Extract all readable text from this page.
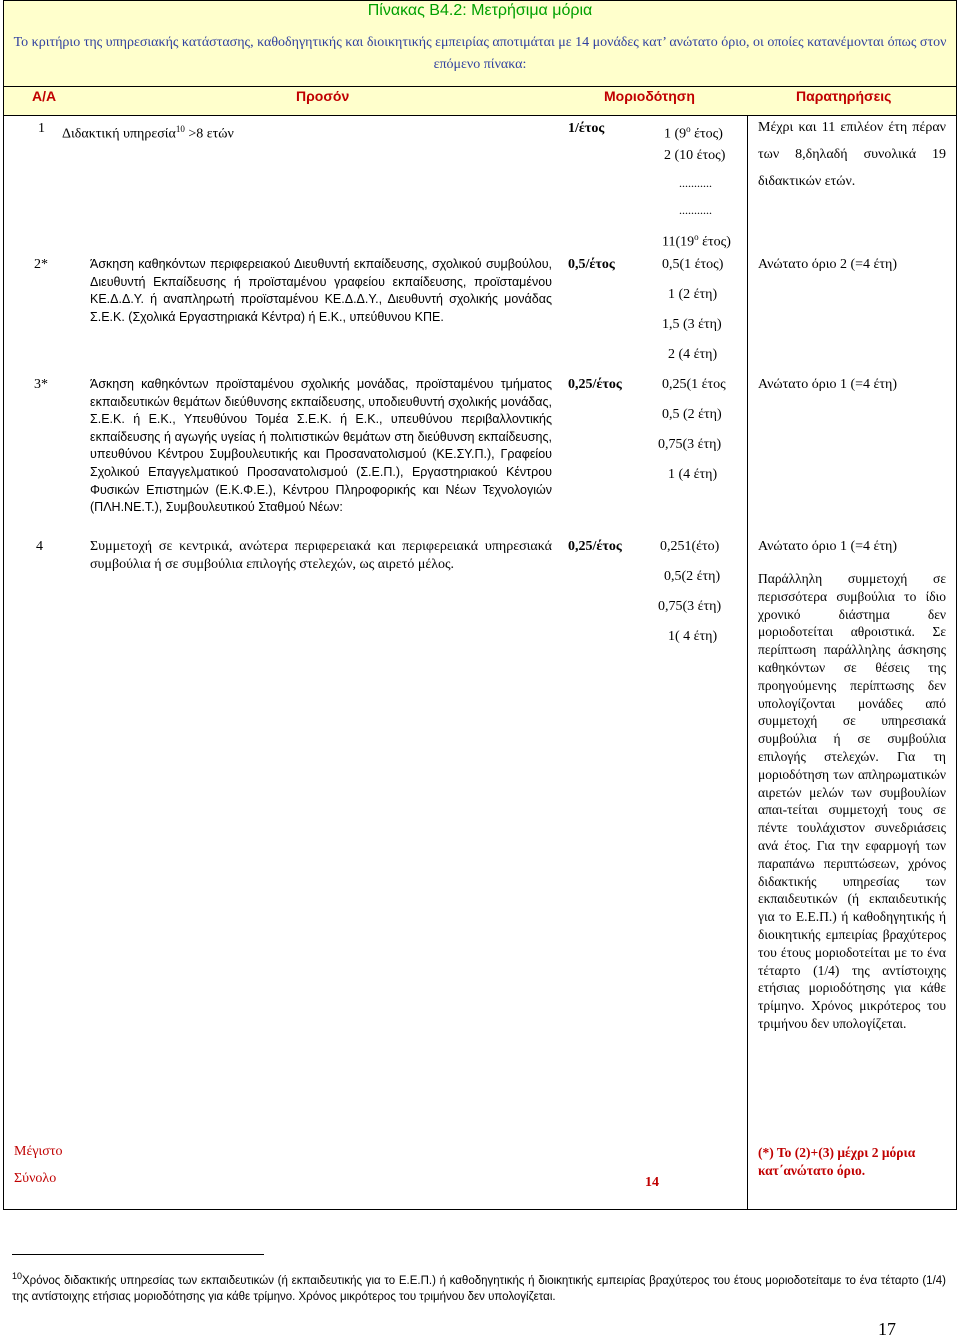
Πίνακας Β4.2: Μετρήσιμα μόρια
Το κριτήριο της υπηρεσιακής κατάστασης, καθοδηγητικής και διοικητικής εμπειρίας αποτιμάται με 14 μονάδες κατ’ ανώτατο όριο, οι οποίες κατανέμονται όπως στον επόμενο πίνακα:
Α/Α	Προσόν	Μοριοδότηση	Παρατηρήσεις
1 Διδακτική υπηρεσία$^{10}$ >8 ετών	1/έτος	1 ($9^o$ έτος)
2 (10 έτος)
...........
...........
$11(19^o$ έτος)
Μέχρι και 11 επιλέον έτη πέραν των 8,δηλαδή συνολικά 19 διδακτικών ετών.
2*	Άσκηση καθηκόντων περιφερειακού Διευθυντή εκπαίδευσης, σχολικού συμβούλου, Διευθυντή Εκπαίδευσης ή προϊσταμένου γραφείου εκπαίδευσης, προϊσταμένου ΚΕ.Δ.Δ.Υ. ή αναπληρωτή προϊσταμένου ΚΕ.Δ.Δ.Υ., Διευθυντή σχολικής μονάδας Σ.Ε.Κ. (Σχολικά Εργαστηριακά Κέντρα) ή Ε.Κ., υπεύθυνου ΚΠΕ.
0,5/έτος	0,5(1 έτος)
1 (2 έτη)
1,5 (3 έτη)
2 (4 έτη)
Ανώτατο όριο 2 (=4 έτη)
3*	Άσκηση καθηκόντων προϊσταμένου σχολικής μονάδας, προϊσταμένου τμήματος εκπαιδευτικών θεμάτων διεύθυνσης εκπαίδευσης, υποδιευθυντή σχολικής μονάδας, Σ.Ε.Κ. ή Ε.Κ., Υπευθύνου Τομέα Σ.Ε.Κ. ή Ε.Κ., υπευθύνου περιβαλλοντικής εκπαίδευσης ή αγωγής υγείας ή πολιτιστικών θεμάτων στη διεύθυνση εκπαίδευσης, υπευθύνου Κέντρου Συμβουλευτικής και Προσανατολισμού (ΚΕ.ΣΥ.Π.), Γραφείου Σχολικού Επαγγελματικού Προσανατολισμού (Σ.Ε.Π.), Εργαστηριακού Κέντρου Φυσικών Επιστημών (Ε.Κ.Φ.Ε.), Κέντρου Πληροφορικής και Νέων Τεχνολογιών (ΠΛΗ.ΝΕ.Τ.), Συμβουλευτικού Σταθμού Νέων:
0,25/έτος	0,25(1 έτος
0,5 (2 έτη)
0,75(3 έτη)
1 (4 έτη)
Ανώτατο όριο 1 (=4 έτη)
4	Συμμετοχή σε κεντρικά, ανώτερα περιφερειακά και περιφερειακά υπηρεσιακά συμβούλια ή σε συμβούλια επιλογής στελεχών, ως αιρετό μέλος.
0,25/έτος	0,251(έτο)
0,5(2 έτη)
0,75(3 έτη)
1( 4 έτη)
Ανώτατο όριο 1 (=4 έτη)
Παράλληλη συμμετοχή σε περισσότερα συμβούλια το ίδιο χρονικό διάστημα δεν μοριοδοτείται αθροιστικά. Σε περίπτωση παράλληλης άσκησης καθηκόντων σε θέσεις της προηγούμενης περίπτωσης δεν υπολογίζονται μονάδες από συμμετοχή σε υπηρεσιακά συμβούλια ή σε συμβούλια επιλογής στελεχών. Για τη μοριοδότηση των απληρωματικών αιρετών μελών των συμβουλίων απαι-τείται συμμετοχή τους σε πέντε τουλάχιστον συνεδριάσεις ανά έτος. Για την εφαρμογή των παραπάνω περιπτώσεων, χρόνος διδακτικής υπηρεσίας των εκπαιδευτικών (ή εκπαιδευτικής για το Ε.Ε.Π.) ή καθοδηγητικής ή διοικητικής εμπειρίας βραχύτερος του έτους μοριοδοτείται με το ένα τέταρτο (1/4) της αντίστοιχης ετήσιας μοριοδότησης για κάθε τρίμηνο. Χρόνος μικρότερος του τριμήνου δεν υπολογίζεται.
Μέγιστο
Σύνολο	14
(*) Το (2)+(3) μέχρι 2 μόρια κατ΄ανώτατο όριο.
$^{10}$Χρόνος διδακτικής υπηρεσίας των εκπαιδευτικών (ή εκπαιδευτικής για το Ε.Ε.Π.) ή καθοδηγητικής ή διοικητικής εμπειρίας βραχύτερος του έτους μοριοδοτείταμε το ένα τέταρτο (1/4) της αντίστοιχης ετήσιας μοριοδότησης για κάθε τρίμηνο. Χρόνος μικρότερος του τριμήνου δεν υπολογίζεται.
17
